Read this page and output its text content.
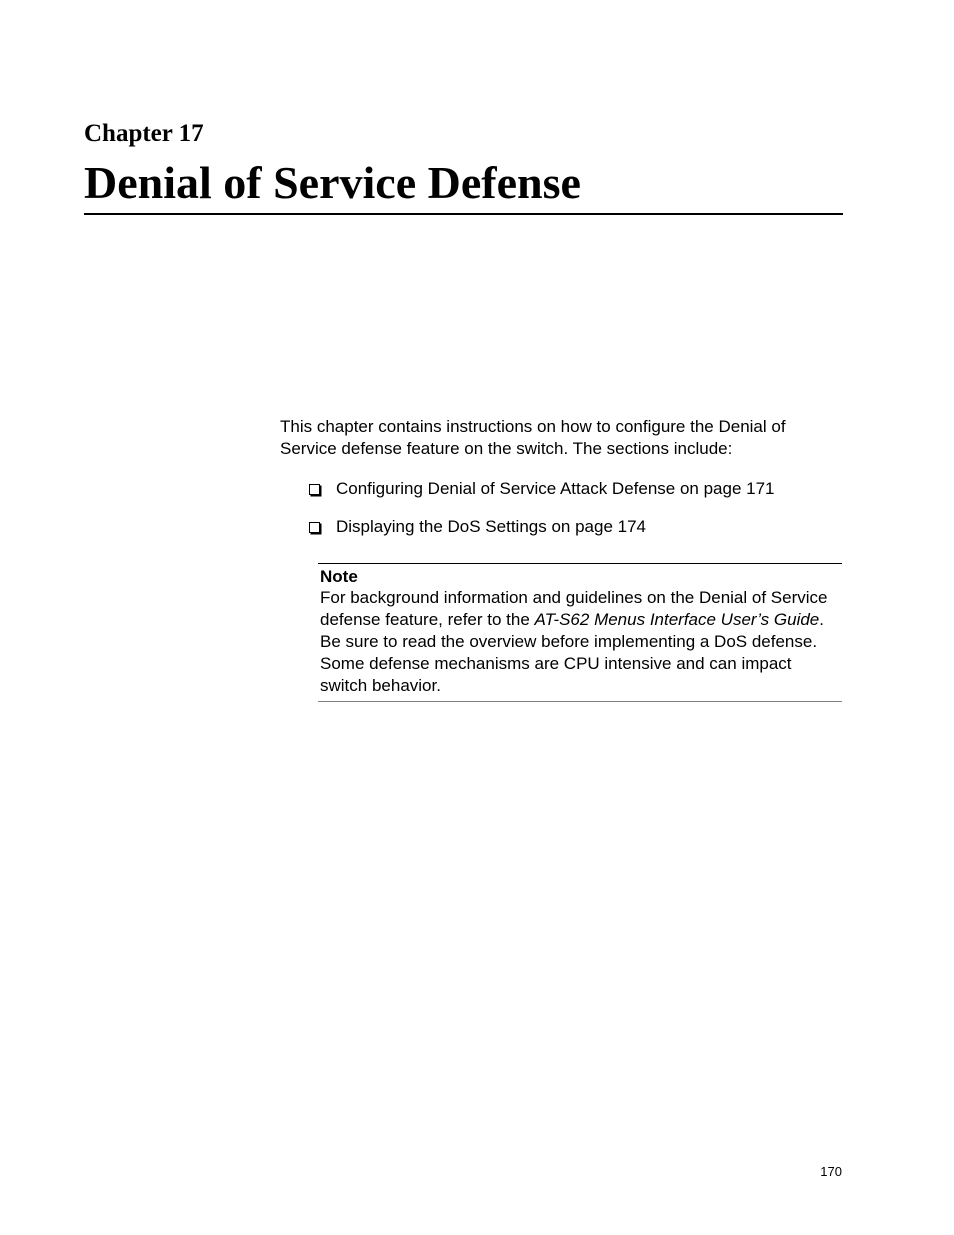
Chapter 17
Denial of Service Defense

This chapter contains instructions on how to configure the Denial of Service defense feature on the switch. The sections include:

Configuring Denial of Service Attack Defense on page 171
Displaying the DoS Settings on page 174

Note

For background information and guidelines on the Denial of Service defense feature, refer to the AT-S62 Menus Interface User’s Guide. Be sure to read the overview before implementing a DoS defense. Some defense mechanisms are CPU intensive and can impact switch behavior.

170
